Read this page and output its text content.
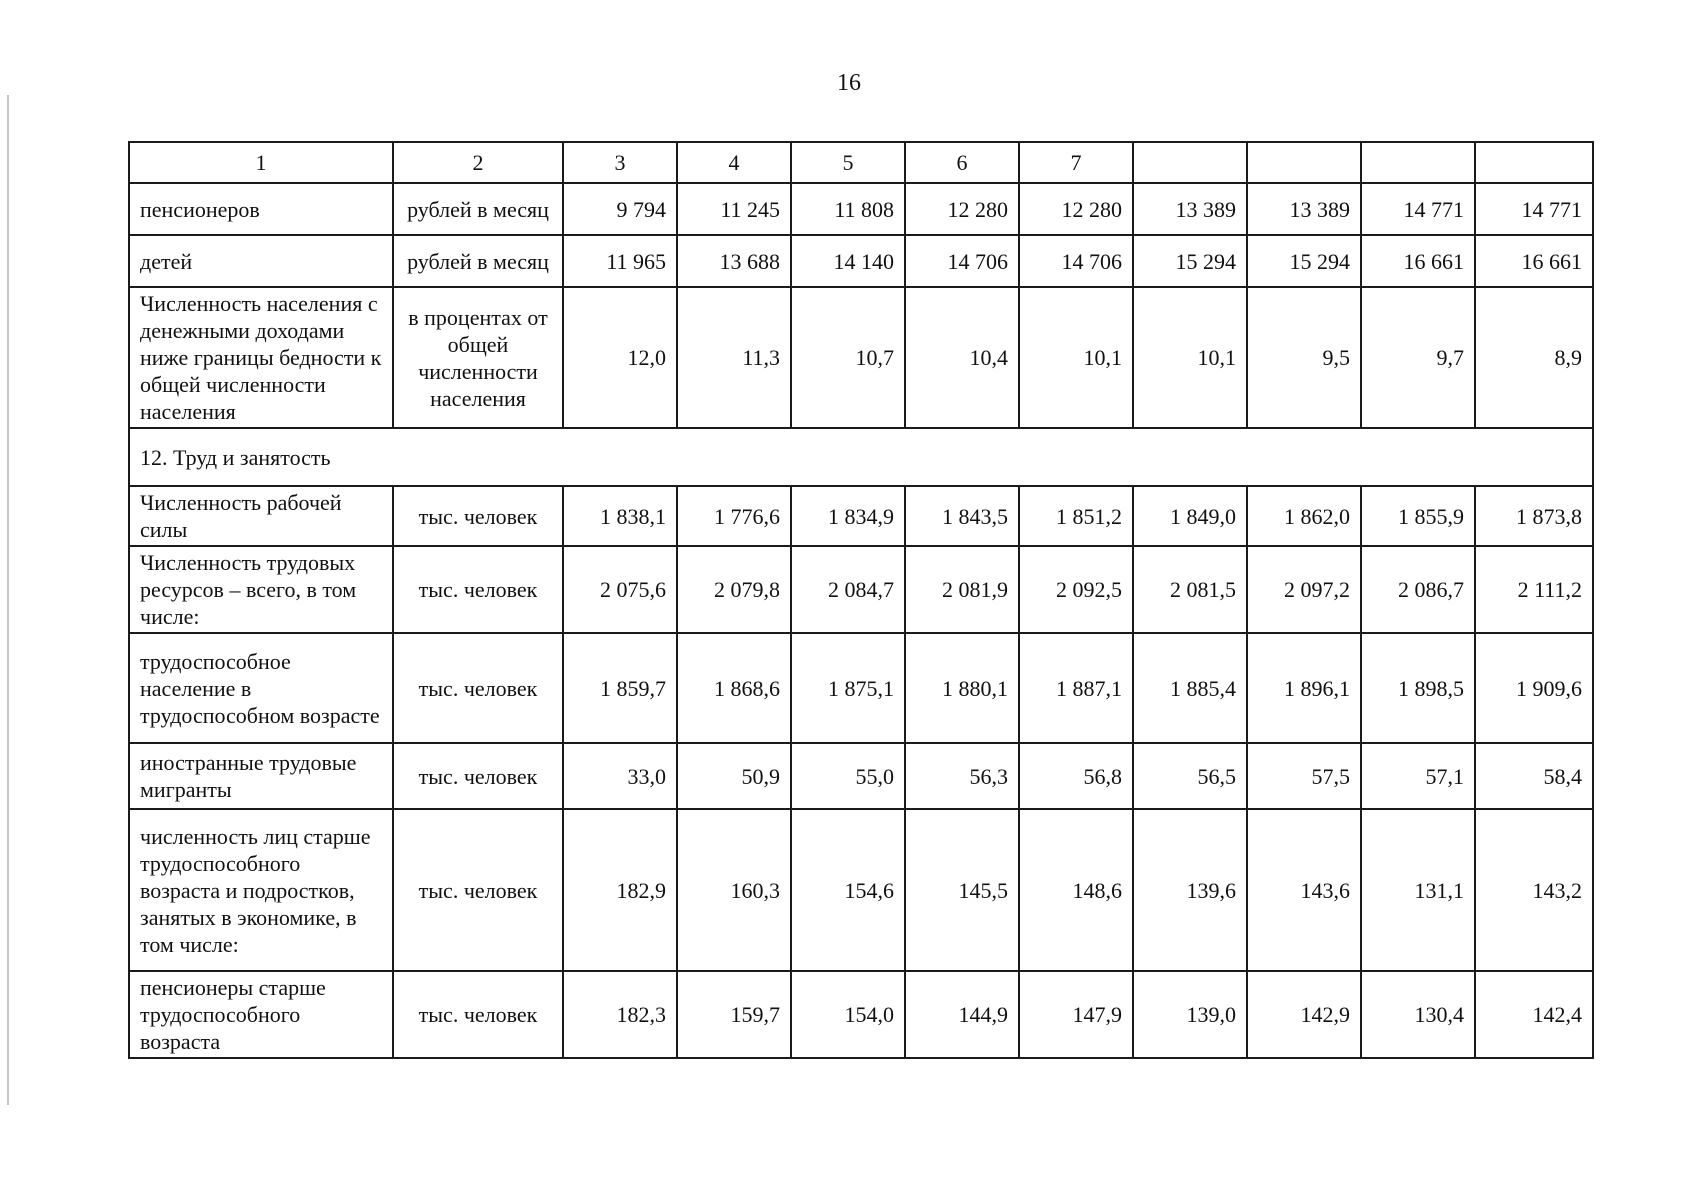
16
1	2	3	4	5	6	7				
пенсионеров	рублей в месяц	9 794	11 245	11 808	12 280	12 280	13 389	13 389	14 771	14 771
детей	рублей в месяц	11 965	13 688	14 140	14 706	14 706	15 294	15 294	16 661	16 661
Численность населения с денежными доходами ниже границы бедности к общей численности населения	в процентах от общей численности населения	12,0	11,3	10,7	10,4	10,1	10,1	9,5	9,7	8,9
12. Труд и занятость										
Численность рабочей силы	тыс. человек	1 838,1	1 776,6	1 834,9	1 843,5	1 851,2	1 849,0	1 862,0	1 855,9	1 873,8
Численность трудовых ресурсов – всего, в том числе:	тыс. человек	2 075,6	2 079,8	2 084,7	2 081,9	2 092,5	2 081,5	2 097,2	2 086,7	2 111,2
трудоспособное население в трудоспособном возрасте	тыс. человек	1 859,7	1 868,6	1 875,1	1 880,1	1 887,1	1 885,4	1 896,1	1 898,5	1 909,6
иностранные трудовые мигранты	тыс. человек	33,0	50,9	55,0	56,3	56,8	56,5	57,5	57,1	58,4
численность лиц старше трудоспособного возраста и подростков, занятых в экономике, в том числе:	тыс. человек	182,9	160,3	154,6	145,5	148,6	139,6	143,6	131,1	143,2
пенсионеры старше трудоспособного возраста	тыс. человек	182,3	159,7	154,0	144,9	147,9	139,0	142,9	130,4	142,4
